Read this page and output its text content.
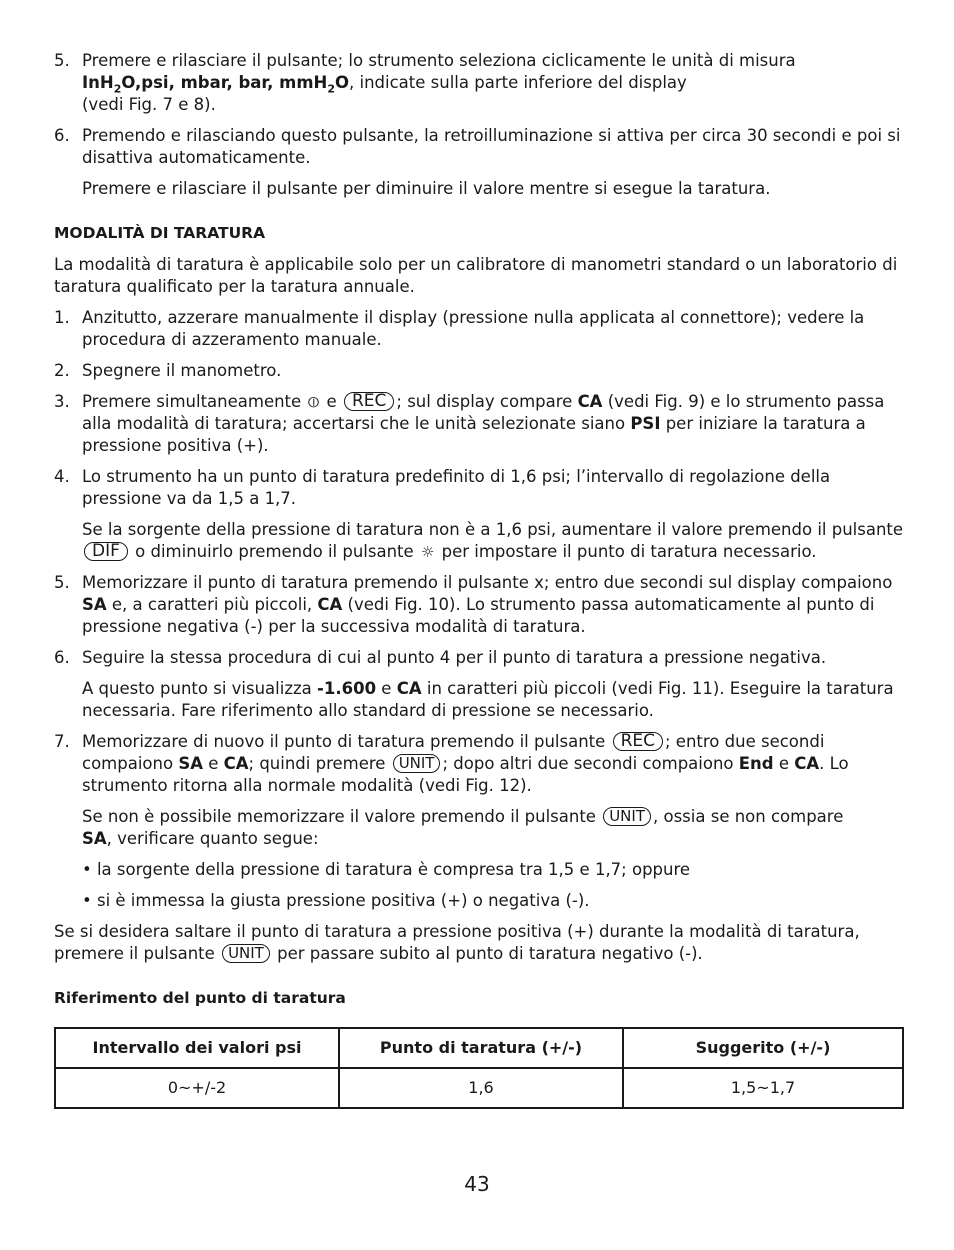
5. Premere e rilasciare il pulsante; lo strumento seleziona ciclicamente le unità di misura
InH$_2$O,psi, mbar, bar, mmH$_2$O, indicate sulla parte inferiore del display
(vedi Fig. 7 e 8).
6. Premendo e rilasciando questo pulsante, la retroilluminazione si attiva per circa 30 secondi e poi si disattiva automaticamente.

Premere e rilasciare il pulsante per diminuire il valore mentre si esegue la taratura.

MODALITÀ DI TARATURA

La modalità di taratura è applicabile solo per un calibratore di manometri standard o un laboratorio di taratura qualificato per la taratura annuale.

1. Anzitutto, azzerare manualmente il display (pressione nulla applicata al connettore); vedere la procedura di azzeramento manuale.
2. Spegnere il manometro.
3. Premere simultaneamente ⦶ e REC ; sul display compare CA (vedi Fig. 9) e lo strumento passa alla modalità di taratura; accertarsi che le unità selezionate siano PSI per iniziare la taratura a pressione positiva (+).
4. Lo strumento ha un punto di taratura predefinito di 1,6 psi; l’intervallo di regolazione della pressione va da 1,5 a 1,7.

Se la sorgente della pressione di taratura non è a 1,6 psi, aumentare il valore premendo il pulsante DIF o diminuirlo premendo il pulsante ☼ per impostare il punto di taratura necessario.

5. Memorizzare il punto di taratura premendo il pulsante x; entro due secondi sul display compaiono SA e, a caratteri più piccoli, CA (vedi Fig. 10). Lo strumento passa automaticamente al punto di pressione negativa (-) per la successiva modalità di taratura.
6. Seguire la stessa procedura di cui al punto 4 per il punto di taratura a pressione negativa.

A questo punto si visualizza -1.600 e CA in caratteri più piccoli (vedi Fig. 11). Eseguire la taratura necessaria. Fare riferimento allo standard di pressione se necessario.

7. Memorizzare di nuovo il punto di taratura premendo il pulsante REC ; entro due secondi compaiono SA e CA; quindi premere UNIT ; dopo altri due secondi compaiono End e CA. Lo strumento ritorna alla normale modalità (vedi Fig. 12).

Se non è possibile memorizzare il valore premendo il pulsante UNIT , ossia se non compare
SA, verificare quanto segue:

• la sorgente della pressione di taratura è compresa tra 1,5 e 1,7; oppure

• si è immessa la giusta pressione positiva (+) o negativa (-).

Se si desidera saltare il punto di taratura a pressione positiva (+) durante la modalità di taratura, premere il pulsante UNIT per passare subito al punto di taratura negativo (-).

Riferimento del punto di taratura
Intervallo dei valori psi	Punto di taratura (+/-)	Suggerito (+/-)
0~+/-2	1,6	1,5~1,7
43
